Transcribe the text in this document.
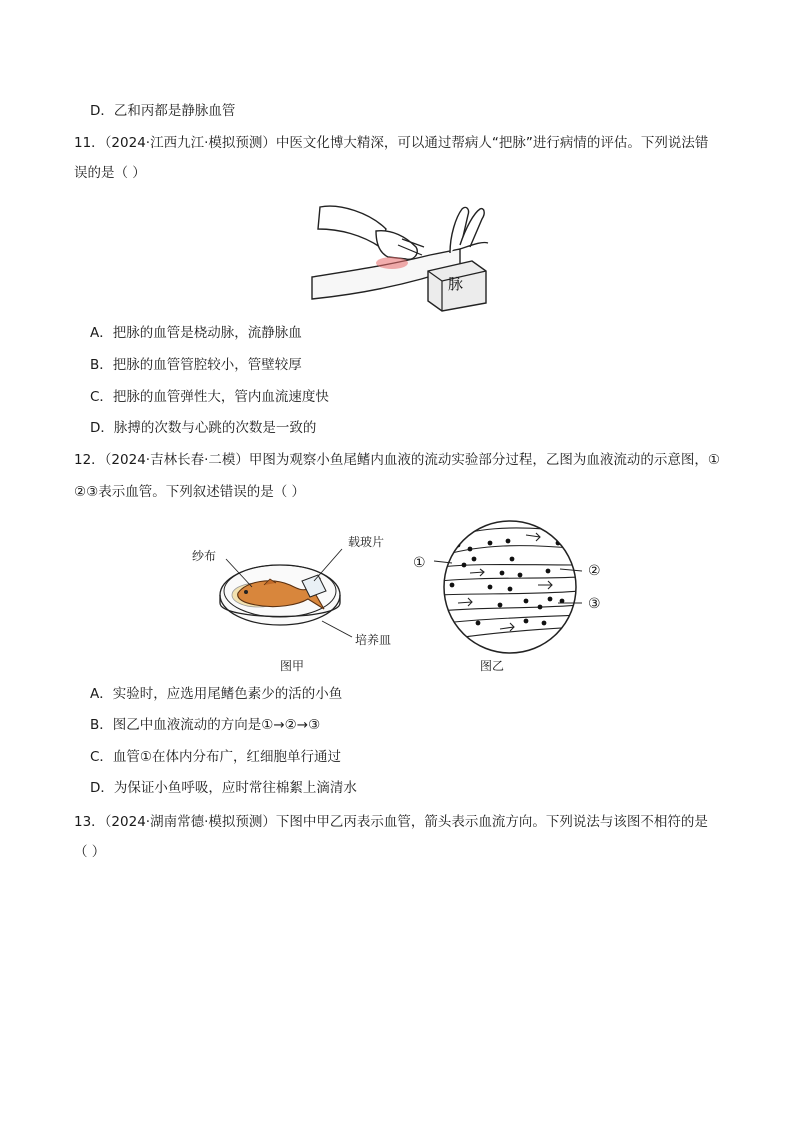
D．乙和丙都是静脉血管
11．（2024·江西九江·模拟预测）中医文化博大精深，可以通过帮病人“把脉”进行病情的评估。下列说法错
误的是（ ）
脉
A．把脉的血管是桡动脉，流静脉血
B．把脉的血管管腔较小，管壁较厚
C．把脉的血管弹性大，管内血流速度快
D．脉搏的次数与心跳的次数是一致的
12．（2024·吉林长春·二模）甲图为观察小鱼尾鳍内血液的流动实验部分过程，乙图为血液流动的示意图，①
②③表示血管。下列叙述错误的是（ ）
纱布
载玻片
培养皿
图甲
①	②
③
图乙
A．实验时，应选用尾鳍色素少的活的小鱼
B．图乙中血液流动的方向是①→②→③
C．血管①在体内分布广，红细胞单行通过
D．为保证小鱼呼吸，应时常往棉絮上滴清水
13．（2024·湖南常德·模拟预测）下图中甲乙丙表示血管，箭头表示血流方向。下列说法与该图不相符的是
（ ）
